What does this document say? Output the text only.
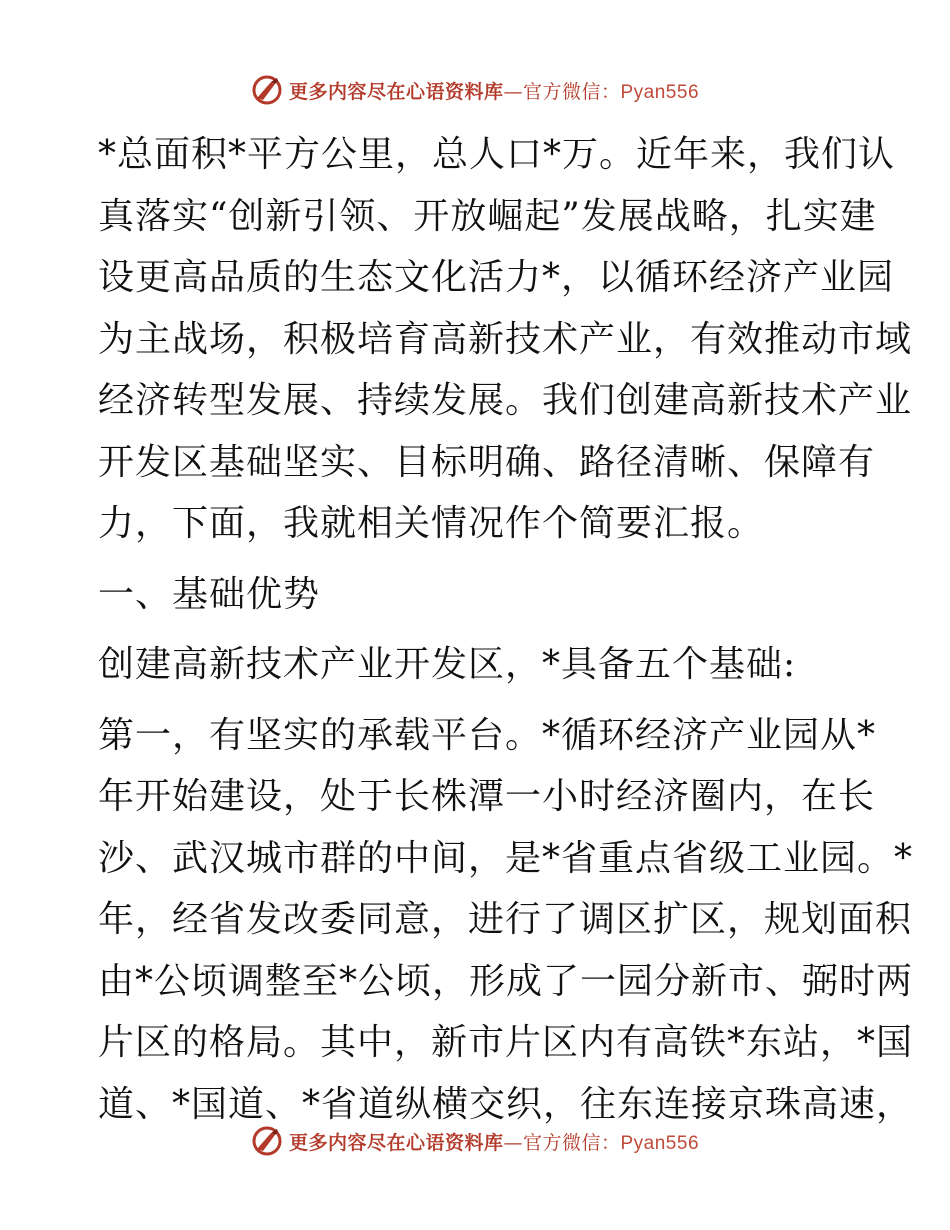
更多内容尽在心语资料库—官方微信：Pyan556

*总面积*平方公里，总人口*万。近年来，我们认
真落实“创新引领、开放崛起”发展战略，扎实建
设更高品质的生态文化活力*，以循环经济产业园
为主战场，积极培育高新技术产业，有效推动市域
经济转型发展、持续发展。我们创建高新技术产业
开发区基础坚实、目标明确、路径清晰、保障有
力，下面，我就相关情况作个简要汇报。

一、基础优势

创建高新技术产业开发区，*具备五个基础:

第一，有坚实的承载平台。*循环经济产业园从*
年开始建设，处于长株潭一小时经济圈内，在长
沙、武汉城市群的中间，是*省重点省级工业园。*
年，经省发改委同意，进行了调区扩区，规划面积
由*公顷调整至*公顷，形成了一园分新市、弼时两
片区的格局。其中，新市片区内有高铁*东站，*国
道、*国道、*省道纵横交织，往东连接京珠高速，

更多内容尽在心语资料库—官方微信：Pyan556
